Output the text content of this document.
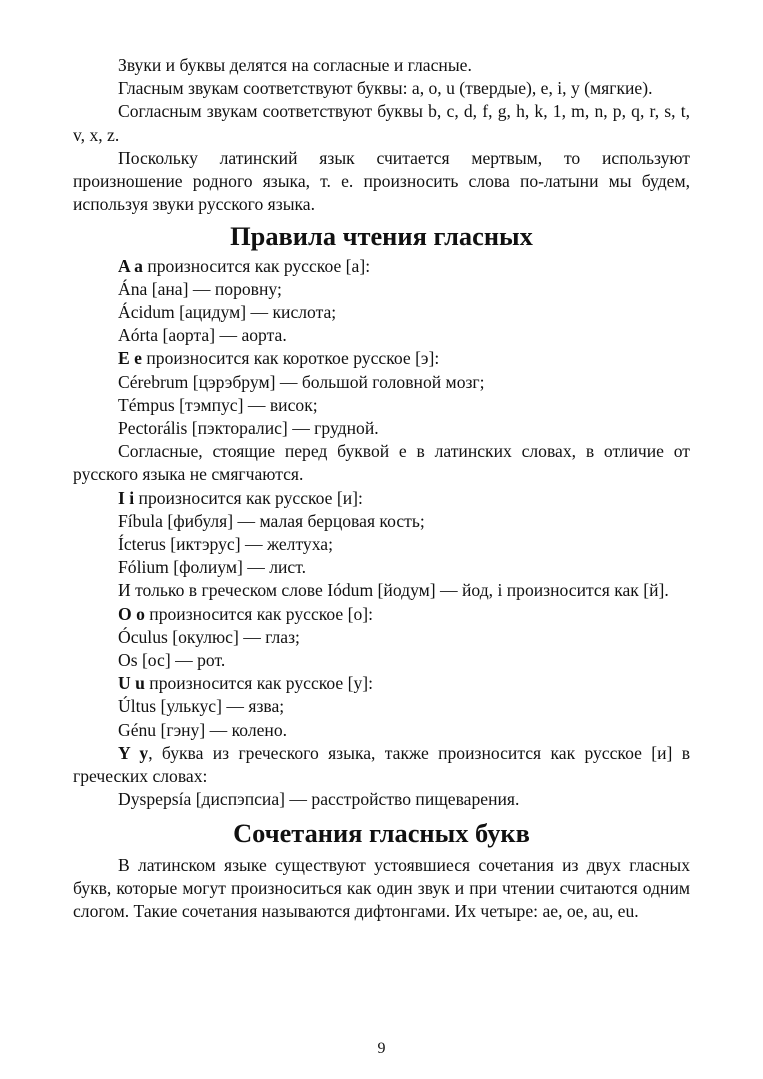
Звуки и буквы делятся на согласные и гласные.

Гласным звукам соответствуют буквы: a, o, u (твердые), e, i, y (мягкие).

Согласным звукам соответствуют буквы b, c, d, f, g, h, k, 1, m, n, p, q, r, s, t, v, x, z.

Поскольку латинский язык считается мертвым, то используют произношение родного языка, т. е. произносить слова по-латыни мы будем, используя звуки русского языка.

Правила чтения гласных

A a произносится как русское [а]:

Ána [ана] — поровну;

Ácidum [ацидум] — кислота;

Aórta [аорта] — аорта.

E e произносится как короткое русское [э]:

Cérebrum [цэрэбрум] — большой головной мозг;

Témpus [тэмпус] — висок;

Pectorális [пэкторалис] — грудной.

Согласные, стоящие перед буквой e в латинских словах, в отличие от русского языка не смягчаются.

I i произносится как русское [и]:

Fíbula [фибуля] — малая берцовая кость;

Ícterus [иктэрус] — желтуха;

Fólium [фолиум] — лист.

И только в греческом слове Iódum [йодум] — йод, i произносится как [й].

O o произносится как русское [о]:

Óculus [окулюс] — глаз;

Os [ос] — рот.

U u произносится как русское [у]:

Últus [улькус] — язва;

Génu [гэну] — колено.

Y y, буква из греческого языка, также произносится как русское [и] в греческих словах:

Dyspepsía [диспэпсиа] — расстройство пищеварения.

Сочетания гласных букв

В латинском языке существуют устоявшиеся сочетания из двух гласных букв, которые могут произноситься как один звук и при чтении считаются одним слогом. Такие сочетания называются дифтонгами. Их четыре: ae, oe, au, eu.

9
